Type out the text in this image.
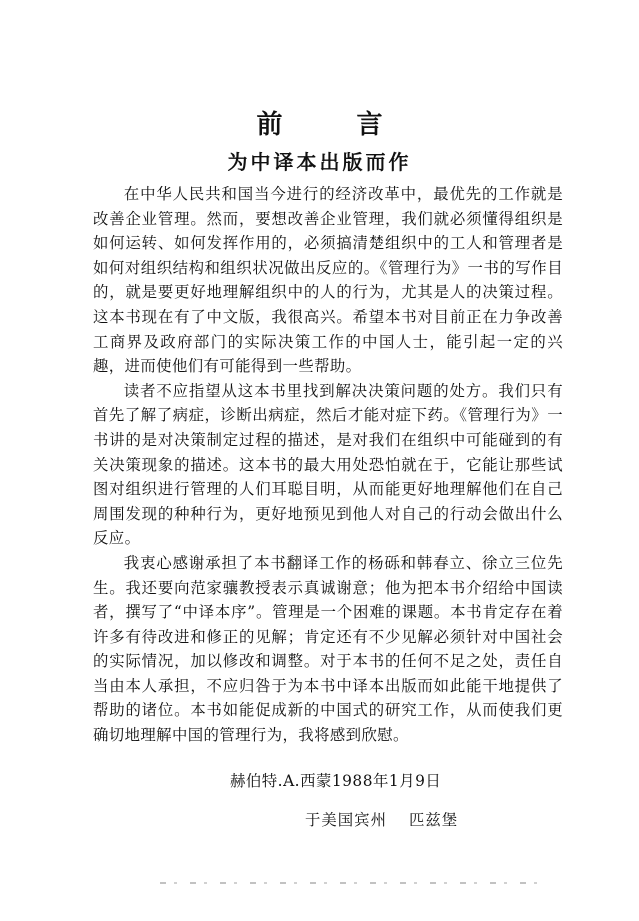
前　言
为中译本出版而作

在中华人民共和国当今进行的经济改革中，最优先的工作就是改善企业管理。然而，要想改善企业管理，我们就必须懂得组织是如何运转、如何发挥作用的，必须搞清楚组织中的工人和管理者是如何对组织结构和组织状况做出反应的。《管理行为》一书的写作目的，就是要更好地理解组织中的人的行为，尤其是人的决策过程。这本书现在有了中文版，我很高兴。希望本书对目前正在力争改善工商界及政府部门的实际决策工作的中国人士，能引起一定的兴趣，进而使他们有可能得到一些帮助。

读者不应指望从这本书里找到解决决策问题的处方。我们只有首先了解了病症，诊断出病症，然后才能对症下药。《管理行为》一书讲的是对决策制定过程的描述，是对我们在组织中可能碰到的有关决策现象的描述。这本书的最大用处恐怕就在于，它能让那些试图对组织进行管理的人们耳聪目明，从而能更好地理解他们在自己周围发现的种种行为，更好地预见到他人对自己的行动会做出什么反应。

我衷心感谢承担了本书翻译工作的杨砾和韩春立、徐立三位先生。我还要向范家骧教授表示真诚谢意；他为把本书介绍给中国读者，撰写了“中译本序”。管理是一个困难的课题。本书肯定存在着许多有待改进和修正的见解；肯定还有不少见解必须针对中国社会的实际情况，加以修改和调整。对于本书的任何不足之处，责任自当由本人承担，不应归咎于为本书中译本出版而如此能干地提供了帮助的诸位。本书如能促成新的中国式的研究工作，从而使我们更确切地理解中国的管理行为，我将感到欣慰。

赫伯特.A.西蒙1988年1月9日

于美国宾州 匹兹堡
